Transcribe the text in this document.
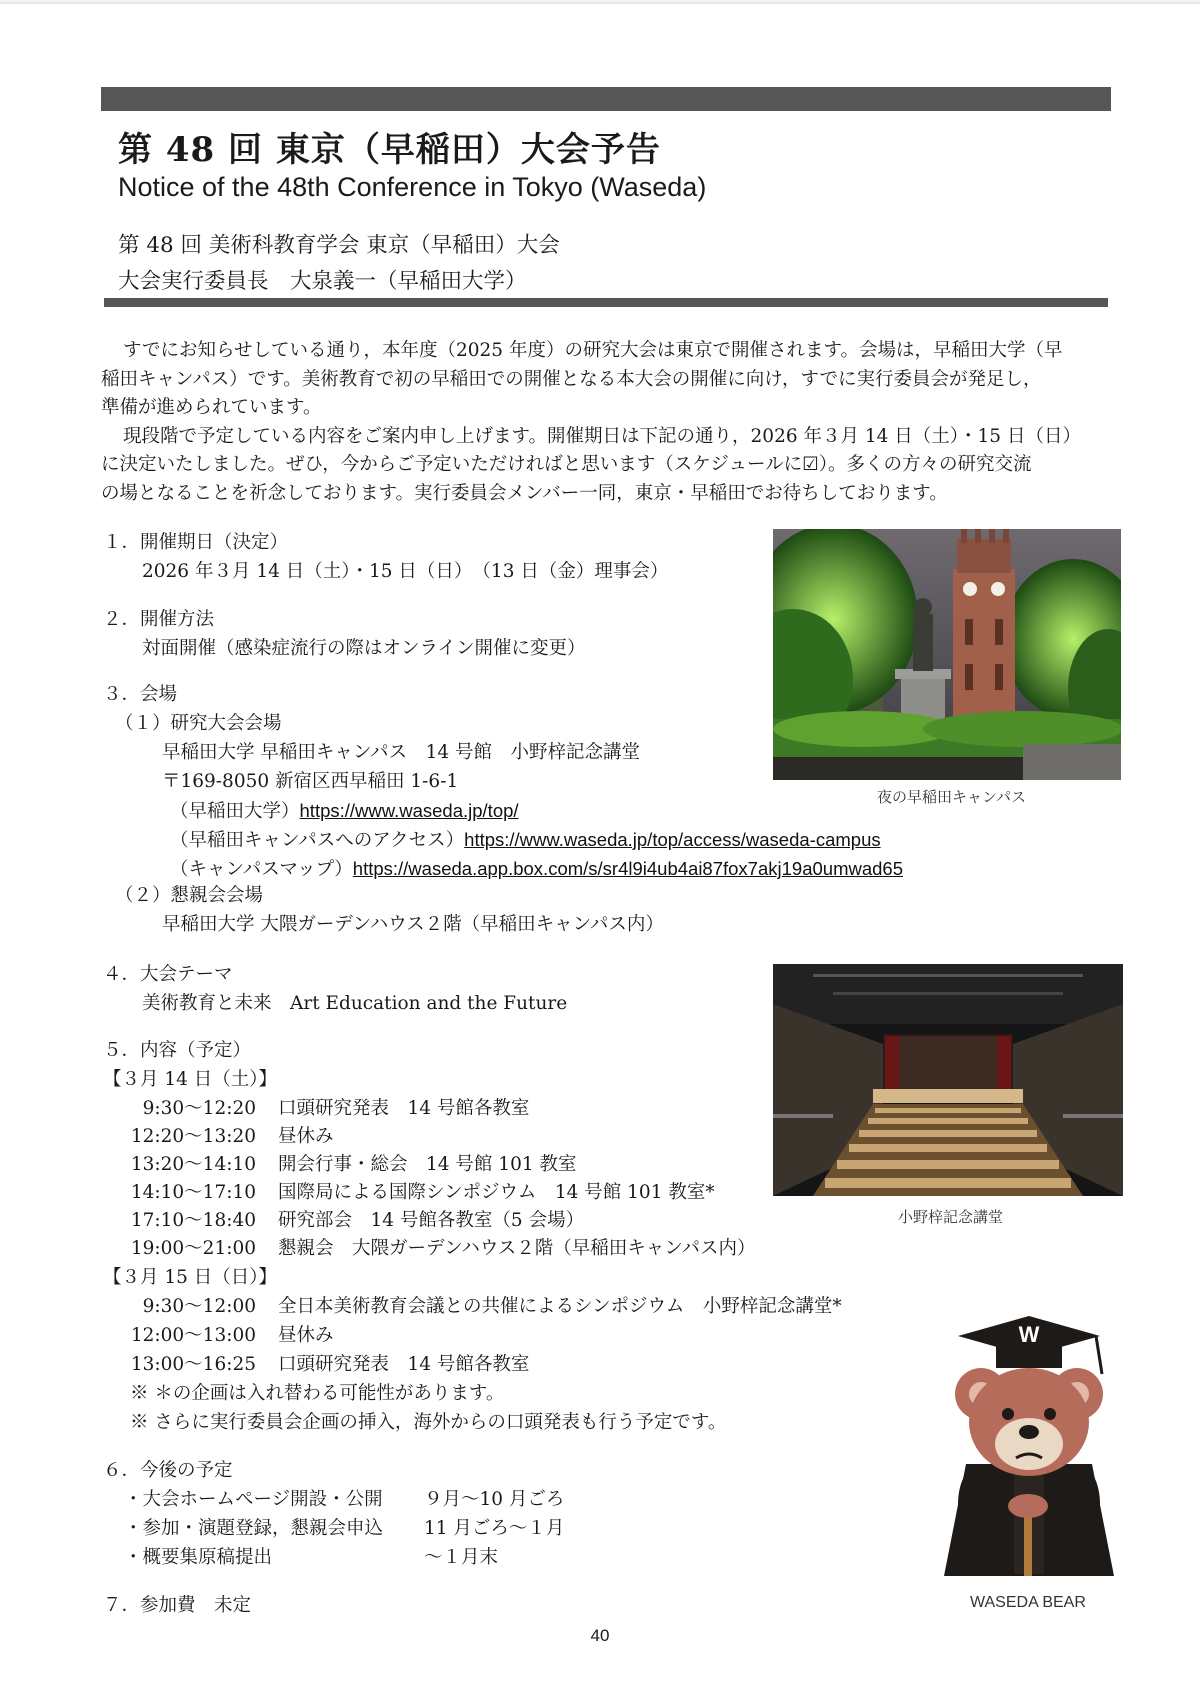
第 48 回 東京（早稲田）大会予告
Notice of the 48th Conference in Tokyo (Waseda)
第 48 回 美術科教育学会 東京（早稲田）大会
大会実行委員長　大泉義一（早稲田大学）

すでにお知らせしている通り，本年度（2025 年度）の研究大会は東京で開催されます。会場は，早稲田大学（早

稲田キャンパス）です。美術教育で初の早稲田での開催となる本大会の開催に向け，すでに実行委員会が発足し，

準備が進められています。

現段階で予定している内容をご案内申し上げます。開催期日は下記の通り，2026 年３月 14 日（土）・15 日（日）

に決定いたしました。ぜひ，今からご予定いただければと思います（スケジュールに☑）。多くの方々の研究交流

の場となることを祈念しております。実行委員会メンバー一同，東京・早稲田でお待ちしております。

１．開催期日（決定）
2026 年３月 14 日（土）・15 日（日）　（13 日（金）理事会）
２．開催方法
対面開催（感染症流行の際はオンライン開催に変更）
３．会場
（１）研究大会会場
早稲田大学 早稲田キャンパス　14 号館　小野梓記念講堂
〒169-8050 新宿区西早稲田 1-6-1
（早稲田大学）https://www.waseda.jp/top/
（早稲田キャンパスへのアクセス）https://www.waseda.jp/top/access/waseda-campus
（キャンパスマップ）https://waseda.app.box.com/s/sr4l9i4ub4ai87fox7akj19a0umwad65
（２）懇親会会場
早稲田大学 大隈ガーデンハウス２階（早稲田キャンパス内）
４．大会テーマ
美術教育と未来　Art Education and the Future
５．内容（予定）
【３月 14 日（土）】
9:30～12:20 口頭研究発表　14 号館各教室
12:20～13:20 昼休み
13:20～14:10 開会行事・総会　14 号館 101 教室
14:10～17:10 国際局による国際シンポジウム　14 号館 101 教室*
17:10～18:40 研究部会　14 号館各教室（5 会場）
19:00～21:00 懇親会　大隈ガーデンハウス２階（早稲田キャンパス内）
【３月 15 日（日）】
9:30～12:00 全日本美術教育会議との共催によるシンポジウム　小野梓記念講堂*
12:00～13:00 昼休み
13:00～16:25 口頭研究発表　14 号館各教室
※ ＊の企画は入れ替わる可能性があります。
※ さらに実行委員会企画の挿入，海外からの口頭発表も行う予定です。
６．今後の予定
・大会ホームページ開設・公開 ９月～10 月ごろ
・参加・演題登録，懇親会申込 11 月ごろ～１月
・概要集原稿提出	～１月末
７．参加費　未定
夜の早稲田キャンパス
小野梓記念講堂
W
WASEDA BEAR
40
